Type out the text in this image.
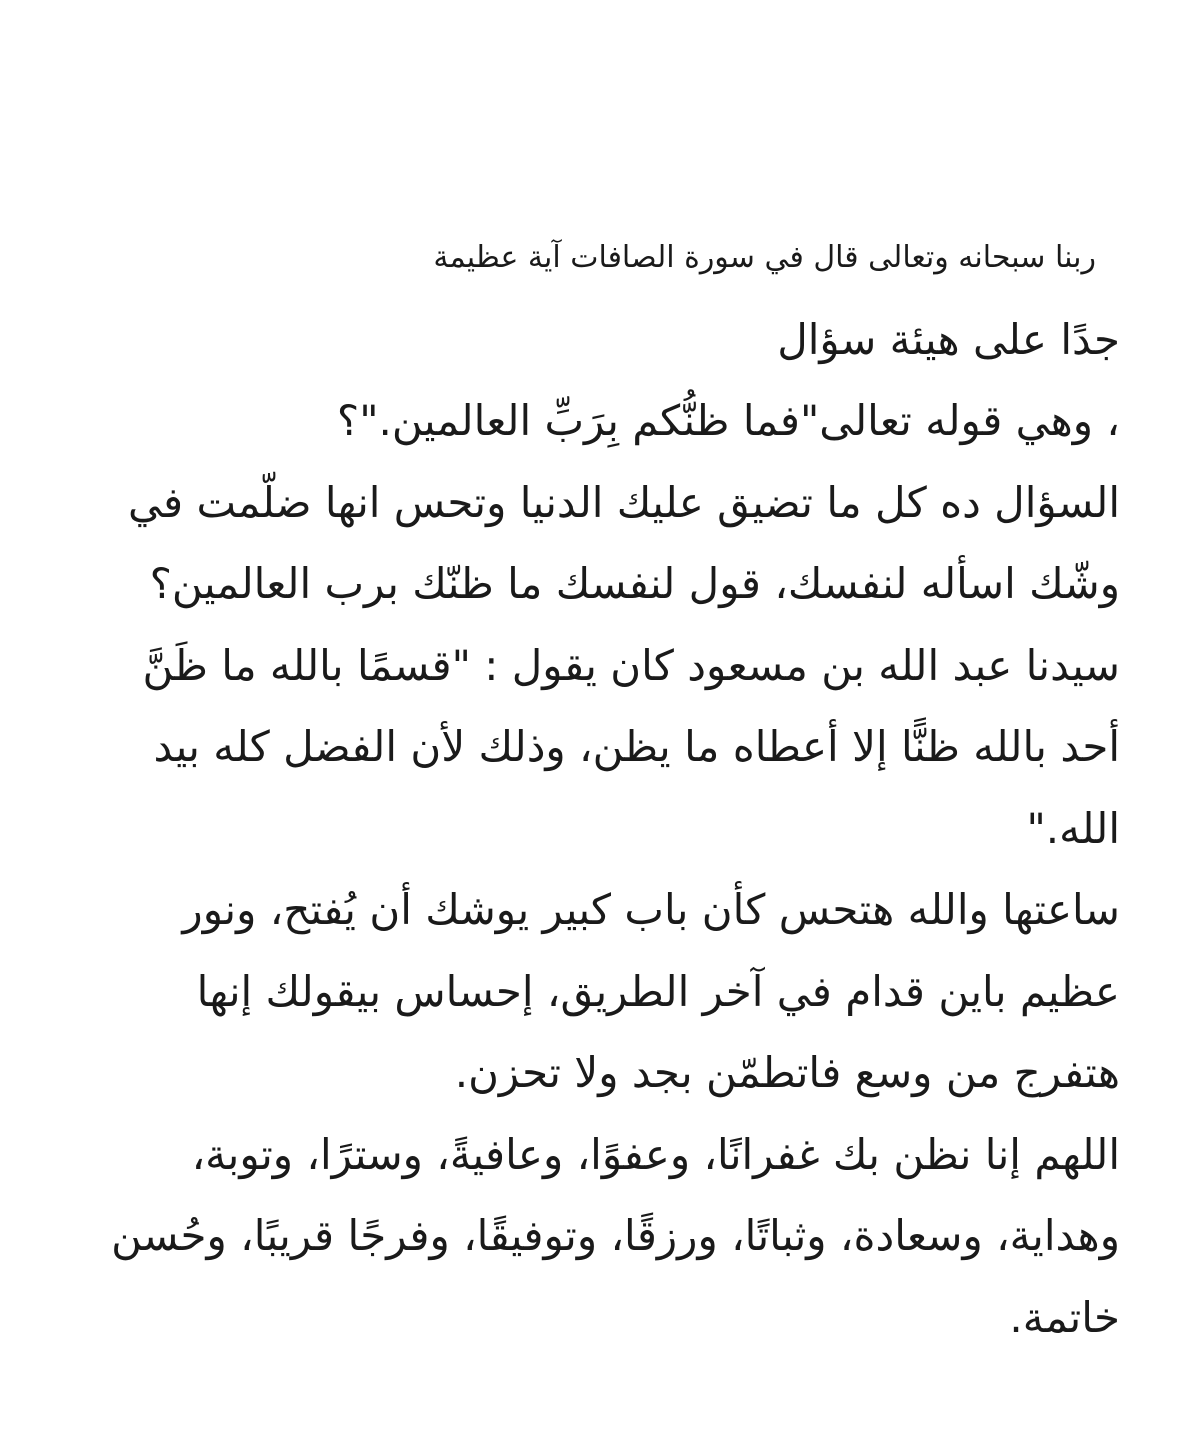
ربنا سبحانه وتعالى قال في سورة الصافات آية عظيمة
جدًا على هيئة سؤال
، وهي قوله تعالى"فما ظنُّكم بِرَبِّ العالمين."؟
السؤال ده كل ما تضيق عليك الدنيا وتحس انها ضلّمت في
وشّك اسأله لنفسك، قول لنفسك ما ظنّك برب العالمين؟
سيدنا عبد الله بن مسعود كان يقول : "قسمًا بالله ما ظَنَّ
أحد بالله ظنًّا إلا أعطاه ما يظن، وذلك لأن الفضل كله بيد
الله."
ساعتها والله هتحس كأن باب كبير يوشك أن يُفتح، ونور
عظيم باين قدام في آخر الطريق، إحساس بيقولك إنها
هتفرج من وسع فاتطمّن بجد ولا تحزن.
اللهم إنا نظن بك غفرانًا، وعفوًا، وعافيةً، وسترًا، وتوبة،
وهداية، وسعادة، وثباتًا، ورزقًا، وتوفيقًا، وفرجًا قريبًا، وحُسن
خاتمة.
